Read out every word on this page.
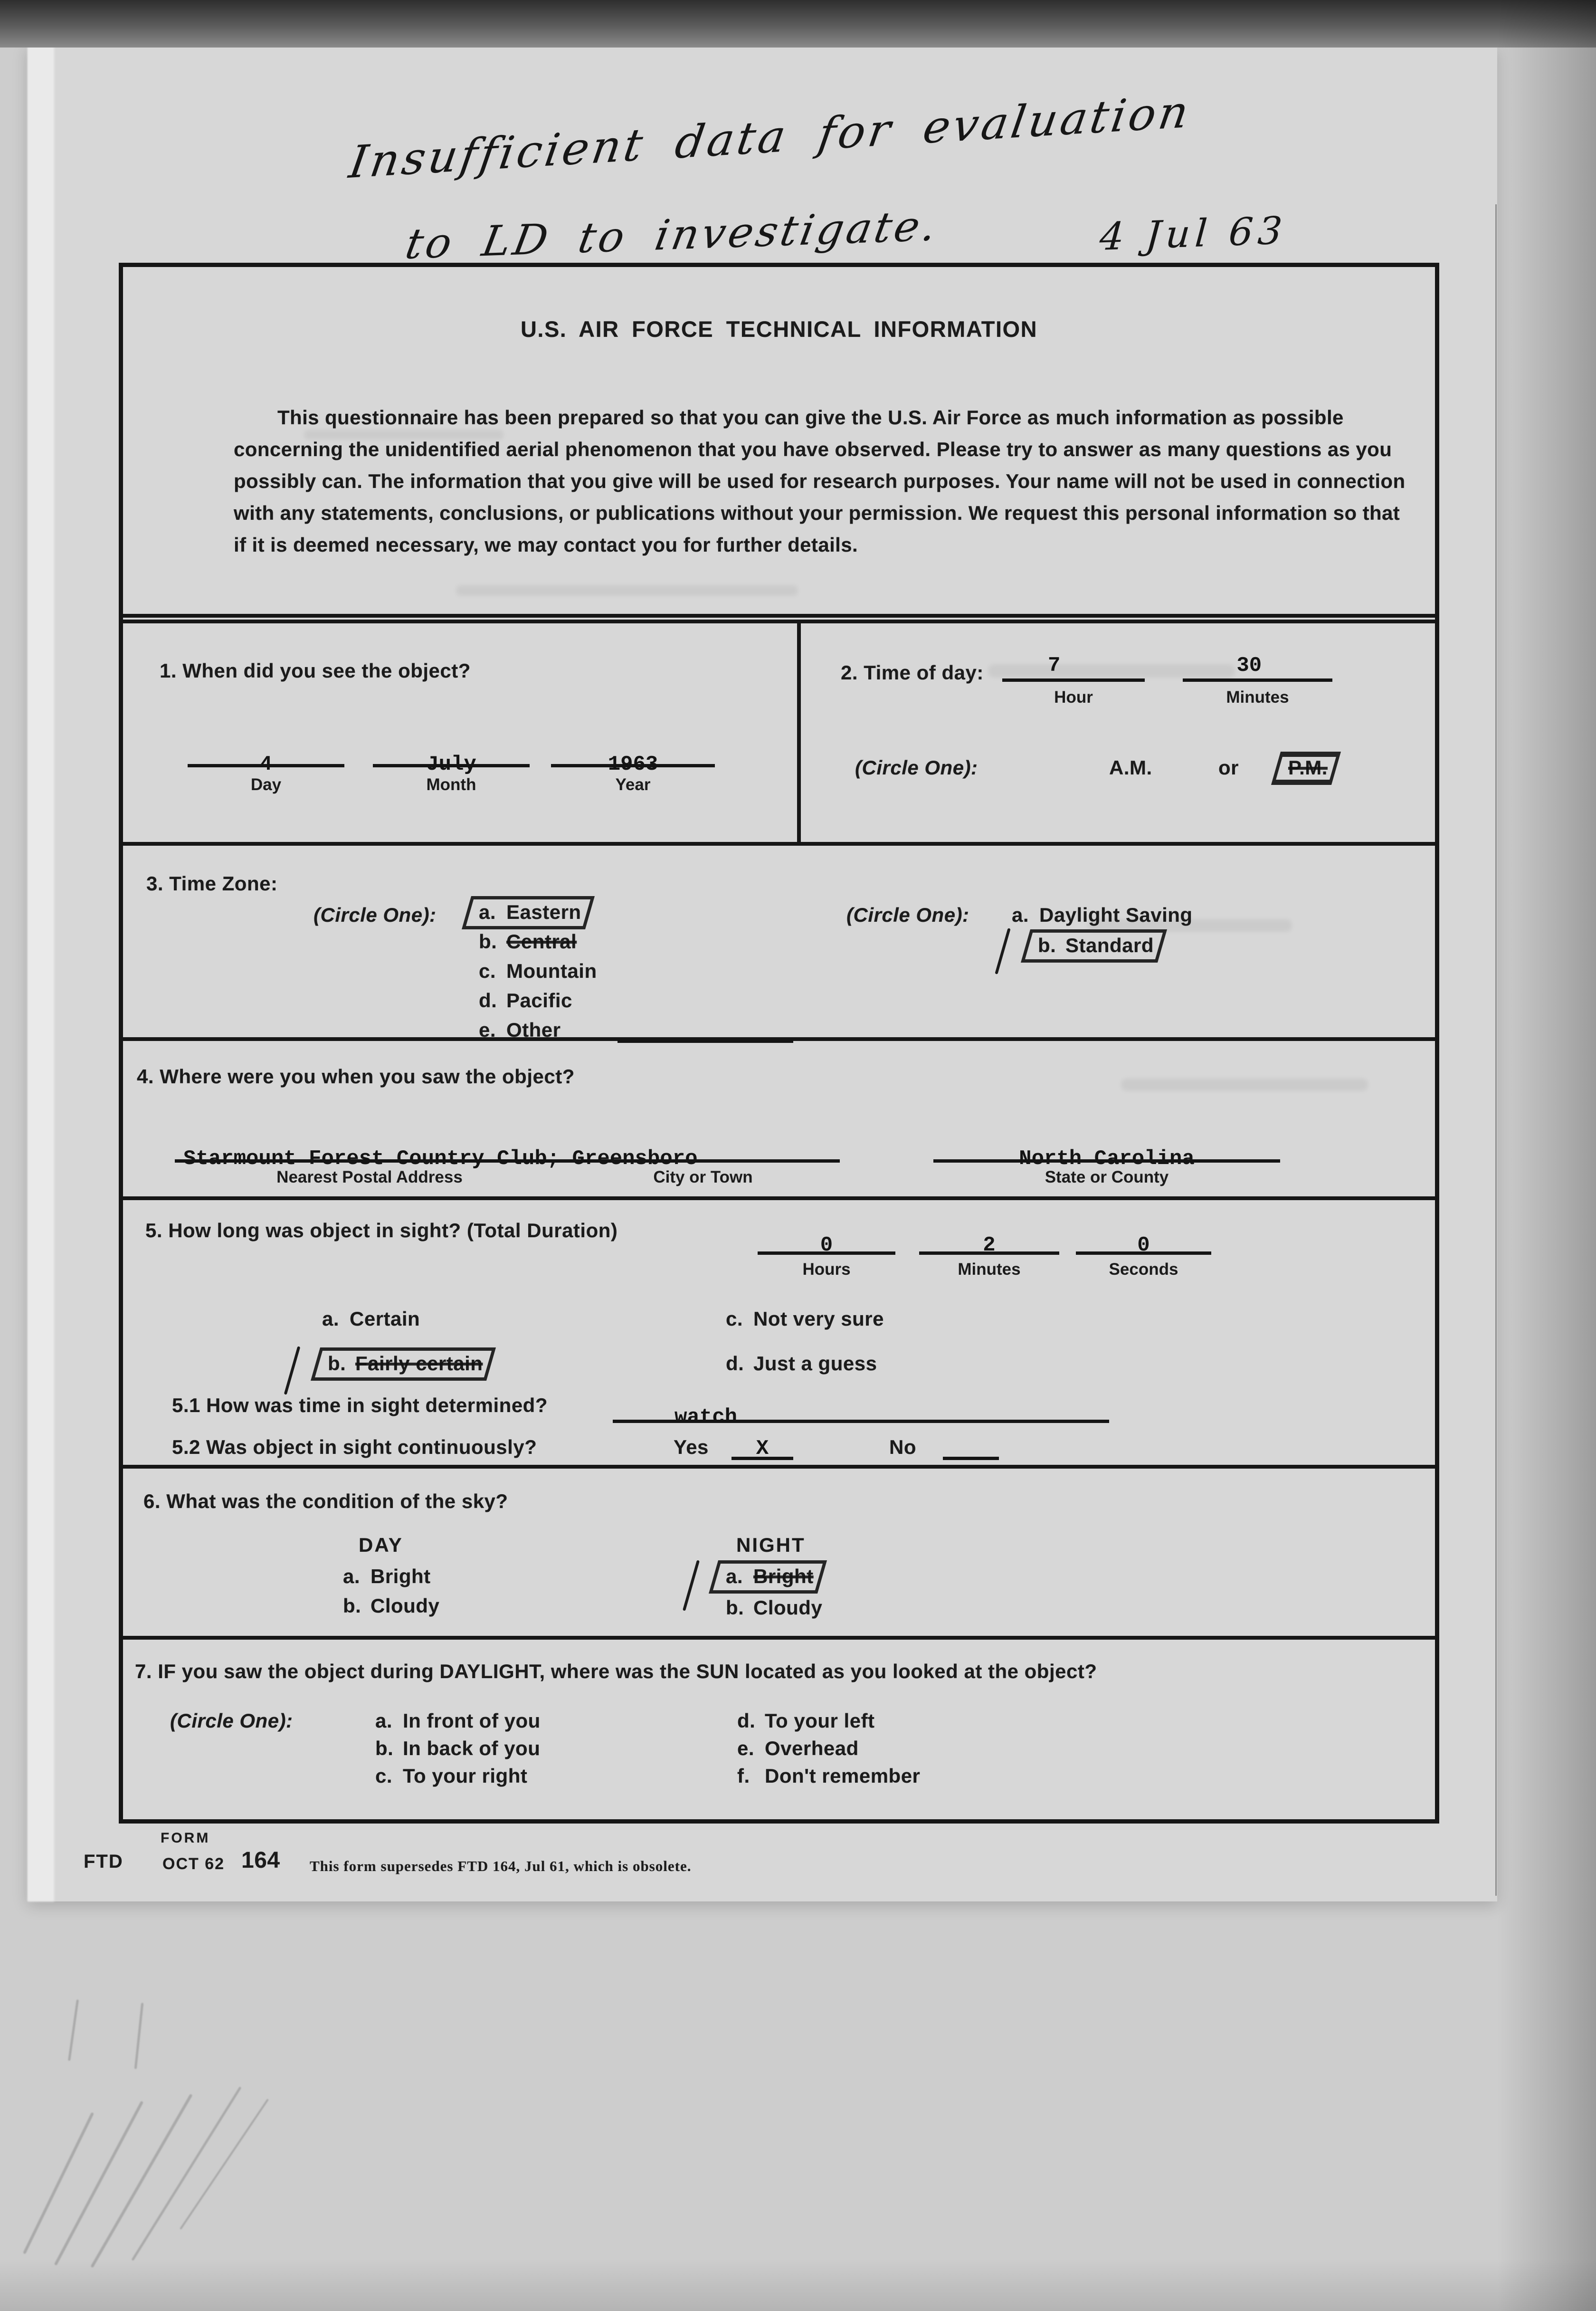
Insufficient data for evaluation
to LD to investigate.	4 Jul 63
U.S. AIR FORCE TECHNICAL INFORMATION
This questionnaire has been prepared so that you can give the U.S. Air Force as much information as possible concerning the unidentified aerial phenomenon that you have observed. Please try to answer as many questions as you possibly can. The information that you give will be used for research purposes. Your name will not be used in connection with any statements, conclusions, or publications without your permission. We request this personal information so that if it is deemed necessary, we may contact you for further details.
1. When did you see the object?
4	July	1963
Day	Month	Year
2. Time of day:	7	30
Hour	Minutes
(Circle One):	A.M.	or P.M.
3. Time Zone:
(Circle One): a. Eastern
b. Central
c. Mountain
d. Pacific
e. Other
(Circle One): a. Daylight Saving
b. Standard
4. Where were you when you saw the object?
Starmount Forest Country Club; Greensboro	North Carolina
Nearest Postal Address	City or Town	State or County
5. How long was object in sight? (Total Duration)
0	2	0
Hours	Minutes	Seconds
a. Certain	c. Not very sure
b. Fairly certain	d. Just a guess
5.1 How was time in sight determined?
watch
5.2 Was object in sight continuously?	Yes X	No
6. What was the condition of the sky?
DAY
a. Bright
b. Cloudy
NIGHT
a. Bright
b. Cloudy
7. IF you saw the object during DAYLIGHT, where was the SUN located as you looked at the object?
(Circle One):	a. In front of you
b. In back of you
c. To your right
d. To your left
e. Overhead
f. Don't remember
FORM
FTD OCT 62 164 This form supersedes FTD 164, Jul 61, which is obsolete.
